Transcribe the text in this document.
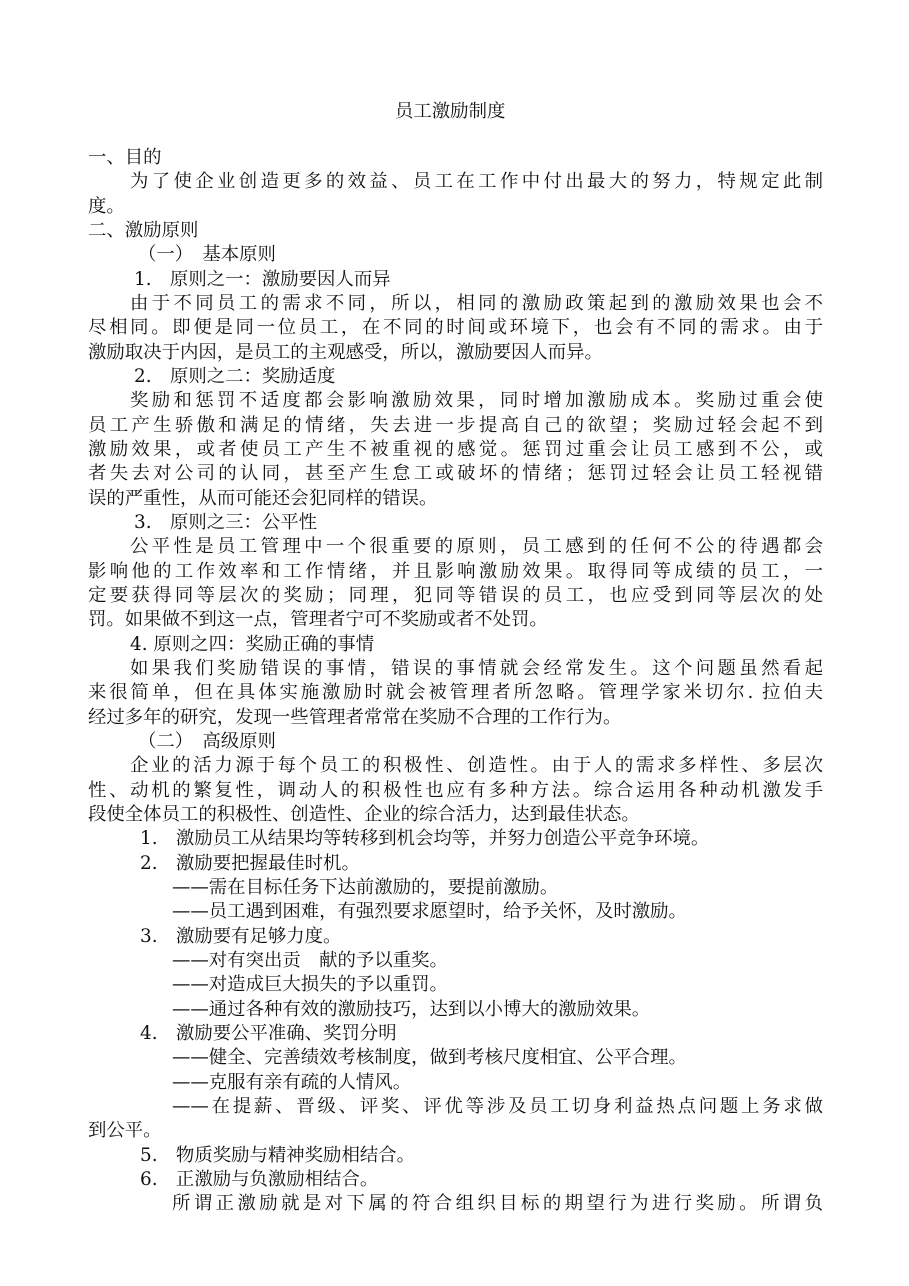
员工激励制度
一、目的
为了使企业创造更多的效益、员工在工作中付出最大的努力，特规定此制
度。
二、激励原则
（一）　基本原则
1.　原则之一：激励要因人而异
由于不同员工的需求不同，所以，相同的激励政策起到的激励效果也会不
尽相同。即便是同一位员工，在不同的时间或环境下，也会有不同的需求。由于
激励取决于内因，是员工的主观感受，所以，激励要因人而异。
2.　原则之二：奖励适度
奖励和惩罚不适度都会影响激励效果，同时增加激励成本。奖励过重会使
员工产生骄傲和满足的情绪，失去进一步提高自己的欲望；奖励过轻会起不到
激励效果，或者使员工产生不被重视的感觉。惩罚过重会让员工感到不公，或
者失去对公司的认同，甚至产生怠工或破坏的情绪；惩罚过轻会让员工轻视错
误的严重性，从而可能还会犯同样的错误。
3.　原则之三：公平性
公平性是员工管理中一个很重要的原则，员工感到的任何不公的待遇都会
影响他的工作效率和工作情绪，并且影响激励效果。取得同等成绩的员工，一
定要获得同等层次的奖励；同理，犯同等错误的员工，也应受到同等层次的处
罚。如果做不到这一点，管理者宁可不奖励或者不处罚。
4. 原则之四：奖励正确的事情
如果我们奖励错误的事情，错误的事情就会经常发生。这个问题虽然看起
来很简单，但在具体实施激励时就会被管理者所忽略。管理学家米切尔. 拉伯夫
经过多年的研究，发现一些管理者常常在奖励不合理的工作行为。
（二）　高级原则
企业的活力源于每个员工的积极性、创造性。由于人的需求多样性、多层次
性、动机的繁复性，调动人的积极性也应有多种方法。综合运用各种动机激发手
段使全体员工的积极性、创造性、企业的综合活力，达到最佳状态。
1.　激励员工从结果均等转移到机会均等，并努力创造公平竞争环境。
2.　激励要把握最佳时机。
——需在目标任务下达前激励的，要提前激励。
——员工遇到困难，有强烈要求愿望时，给予关怀，及时激励。
3.　激励要有足够力度。
——对有突出贡　献的予以重奖。
——对造成巨大损失的予以重罚。
——通过各种有效的激励技巧，达到以小博大的激励效果。
4.　激励要公平准确、奖罚分明
——健全、完善绩效考核制度，做到考核尺度相宜、公平合理。
——克服有亲有疏的人情风。
——在提薪、晋级、评奖、评优等涉及员工切身利益热点问题上务求做
到公平。
5.　物质奖励与精神奖励相结合。
6.　正激励与负激励相结合。
所谓正激励就是对下属的符合组织目标的期望行为进行奖励。所谓负
